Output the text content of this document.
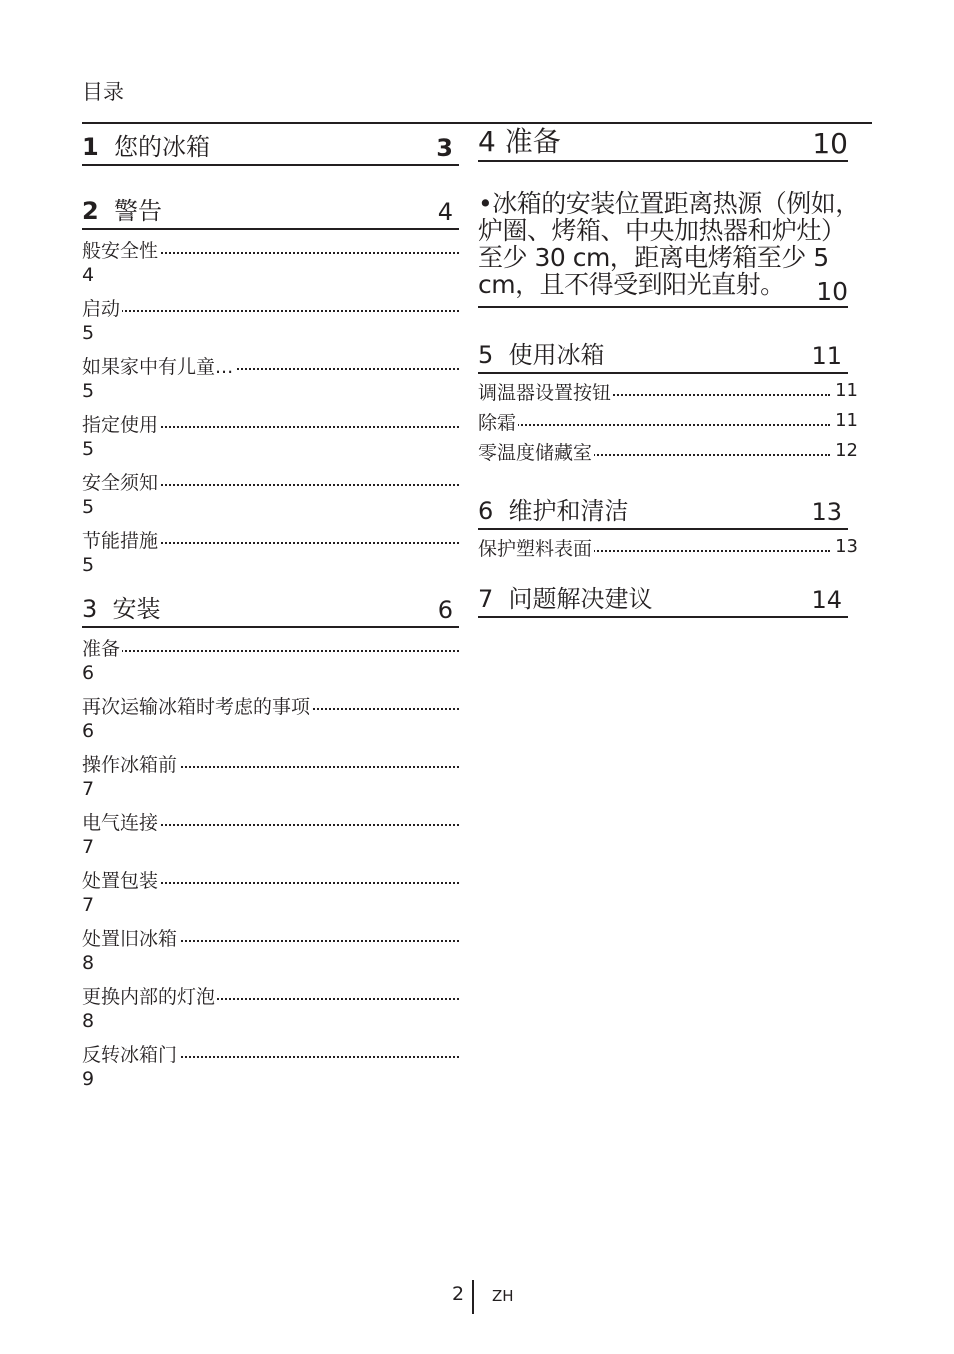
目录
1 您的冰箱	3
2 警告	4
般安全性
4
启动
5
如果家中有儿童...
5
指定使用
5
安全须知
5
节能措施
5
3 安装	6
准备
6
再次运输冰箱时考虑的事项
6
操作冰箱前
7
电气连接
7
处置包装
7
处置旧冰箱
8
更换内部的灯泡
8
反转冰箱门
9
4 准备	10
•冰箱的安装位置距离热源（例如，炉圈、烤箱、中央加热器和炉灶）至少 30 cm，距离电烤箱至少 5 cm，且不得受到阳光直射。	10
5 使用冰箱	11
调温器设置按钮	11
除霜	11
零温度储藏室	12
6 维护和清洁	13
保护塑料表面	13
7 问题解决建议	14
2 ZH
